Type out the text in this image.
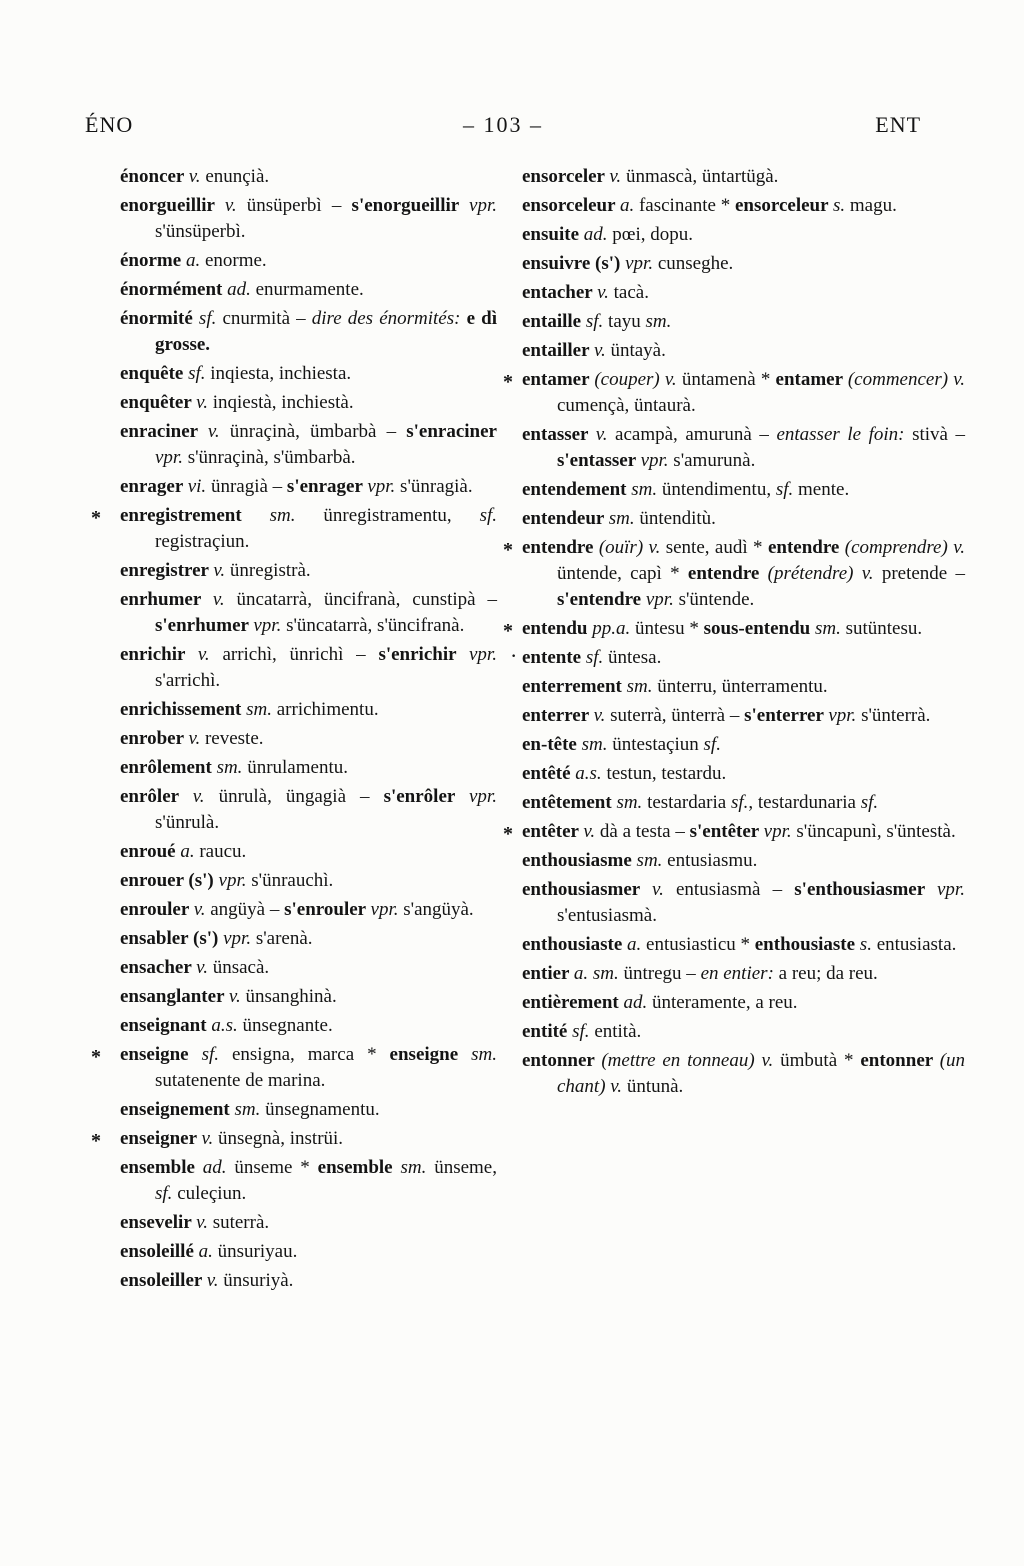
ÉNO	– 103 –	ENT
énoncer v. enunçià.
enorgueillir v. ünsüperbì – s'enorgueillir vpr. s'ünsüperbì.
énorme a. enorme.
énormément ad. enurmamente.
énormité sf. cnurmità – dire des énormités: e dì grosse.
enquête sf. inqiesta, inchiesta.
enquêter v. inqiestà, inchiestà.
enraciner v. ünraçinà, ümbarbà – s'enraciner vpr. s'ünraçinà, s'ümbarbà.
enrager vi. ünragià – s'enrager vpr. s'ünragià.
* enregistrement sm. ünregistramentu, sf. registraçiun.
enregistrer v. ünregistrà.
enrhumer v. üncatarrà, üncifranà, cunstipà – s'enrhumer vpr. s'üncatarrà, s'üncifranà.
enrichir v. arrichì, ünrichì – s'enrichir vpr. s'arrichì.
enrichissement sm. arrichimentu.
enrober v. reveste.
enrôlement sm. ünrulamentu.
enrôler v. ünrulà, üngagià – s'enrôler vpr. s'ünrulà.
enroué a. raucu.
enrouer (s') vpr. s'ünrauchì.
enrouler v. angüyà – s'enrouler vpr. s'angüyà.
ensabler (s') vpr. s'arenà.
ensacher v. ünsacà.
ensanglanter v. ünsanghinà.
enseignant a.s. ünsegnante.
* enseigne sf. ensigna, marca * enseigne sm. sutatenente de marina.
enseignement sm. ünsegnamentu.
* enseigner v. ünsegnà, instrüi.
ensemble ad. ünseme * ensemble sm. ünseme, sf. culeçiun.
ensevelir v. suterrà.
ensoleillé a. ünsuriyau.
ensoleiller v. ünsuriyà.
ensorceler v. ünmascà, üntartügà.
ensorceleur a. fascinante * ensorceleur s. magu.
ensuite ad. pœi, dopu.
ensuivre (s') vpr. cunseghe.
entacher v. tacà.
entaille sf. tayu sm.
entailler v. üntayà.
* entamer (couper) v. üntamenà * entamer (commencer) v. cumençà, üntaurà.
entasser v. acampà, amurunà – entasser le foin: stivà – s'entasser vpr. s'amurunà.
entendement sm. üntendimentu, sf. mente.
entendeur sm. üntenditù.
* entendre (ouïr) v. sente, audì * entendre (comprendre) v. üntende, capì * entendre (prétendre) v. pretende – s'entendre vpr. s'üntende.
* entendu pp.a. üntesu * sous-entendu sm. sutüntesu.
· entente sf. üntesa.
enterrement sm. ünterru, ünterramentu.
enterrer v. suterrà, ünterrà – s'enterrer vpr. s'ünterrà.
en-tête sm. üntestaçiun sf.
entêté a.s. testun, testardu.
entêtement sm. testardaria sf., testardunaria sf.
* entêter v. dà a testa – s'entêter vpr. s'üncapunì, s'üntestà.
enthousiasme sm. entusiasmu.
enthousiasmer v. entusiasmà – s'enthousiasmer vpr. s'entusiasmà.
enthousiaste a. entusiasticu * enthousiaste s. entusiasta.
entier a. sm. üntregu – en entier: a reu; da reu.
entièrement ad. ünteramente, a reu.
entité sf. entità.
entonner (mettre en tonneau) v. ümbutà * entonner (un chant) v. üntunà.
